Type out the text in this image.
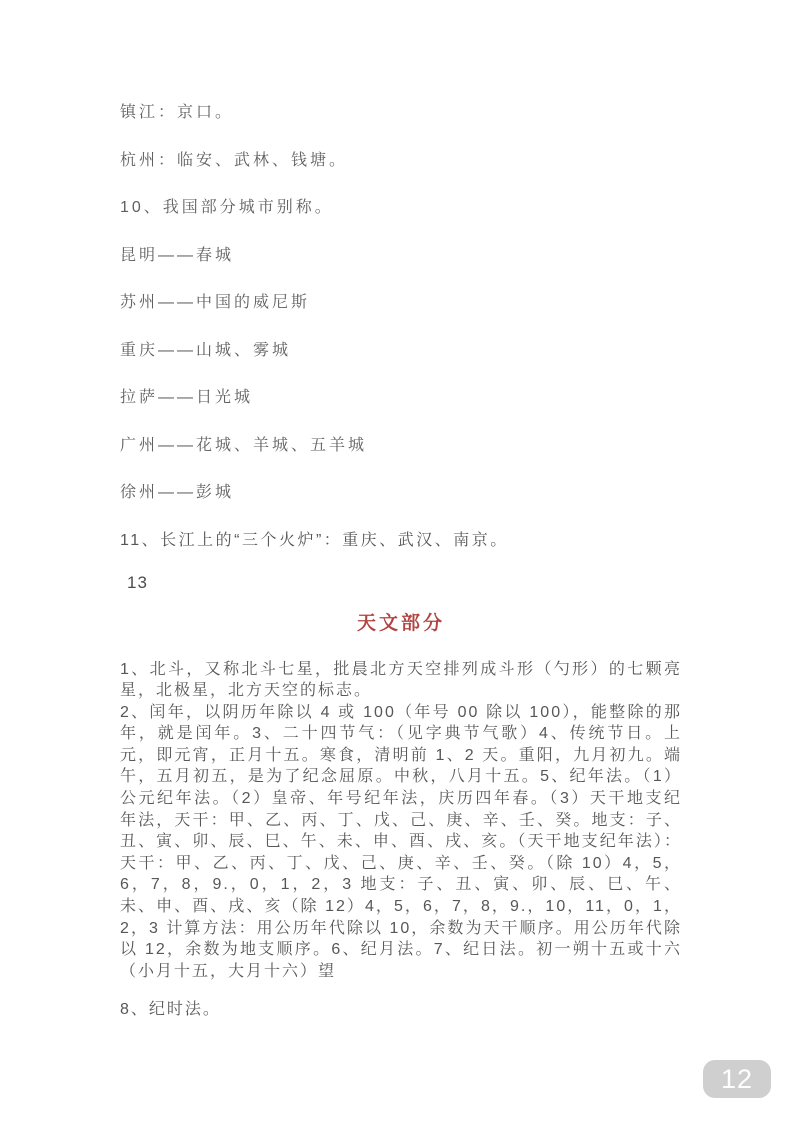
镇江：京口。
杭州：临安、武林、钱塘。
10、我国部分城市别称。
昆明——春城
苏州——中国的威尼斯
重庆——山城、雾城
拉萨——日光城
广州——花城、羊城、五羊城
徐州——彭城
11、长江上的“三个火炉”：重庆、武汉、南京。
13
天文部分

1、北斗，又称北斗七星，批晨北方天空排列成斗形（勺形）的七颗亮星，北极星，北方天空的标志。

2、闰年，以阴历年除以 4 或 100（年号 00 除以 100），能整除的那年，就是闰年。3、二十四节气：（见字典节气歌）4、传统节日。上元，即元宵，正月十五。寒食，清明前 1、2 天。重阳，九月初九。端午，五月初五，是为了纪念屈原。中秋，八月十五。5、纪年法。（1）公元纪年法。（2）皇帝、年号纪年法，庆历四年春。（3）天干地支纪年法，天干：甲、乙、丙、丁、戊、己、庚、辛、壬、癸。地支：子、丑、寅、卯、辰、巳、午、未、申、酉、戌、亥。（天干地支纪年法）：天干：甲、乙、丙、丁、戊、己、庚、辛、壬、癸。（除 10）4，5，6，7，8，9.，0，1，2，3 地支：子、丑、寅、卯、辰、巳、午、未、申、酉、戌、亥（除 12）4，5，6，7，8，9.，10，11，0，1，2，3 计算方法：用公历年代除以 10，余数为天干顺序。用公历年代除以 12，余数为地支顺序。6、纪月法。7、纪日法。初一朔十五或十六（小月十五，大月十六）望

8、纪时法。

12
